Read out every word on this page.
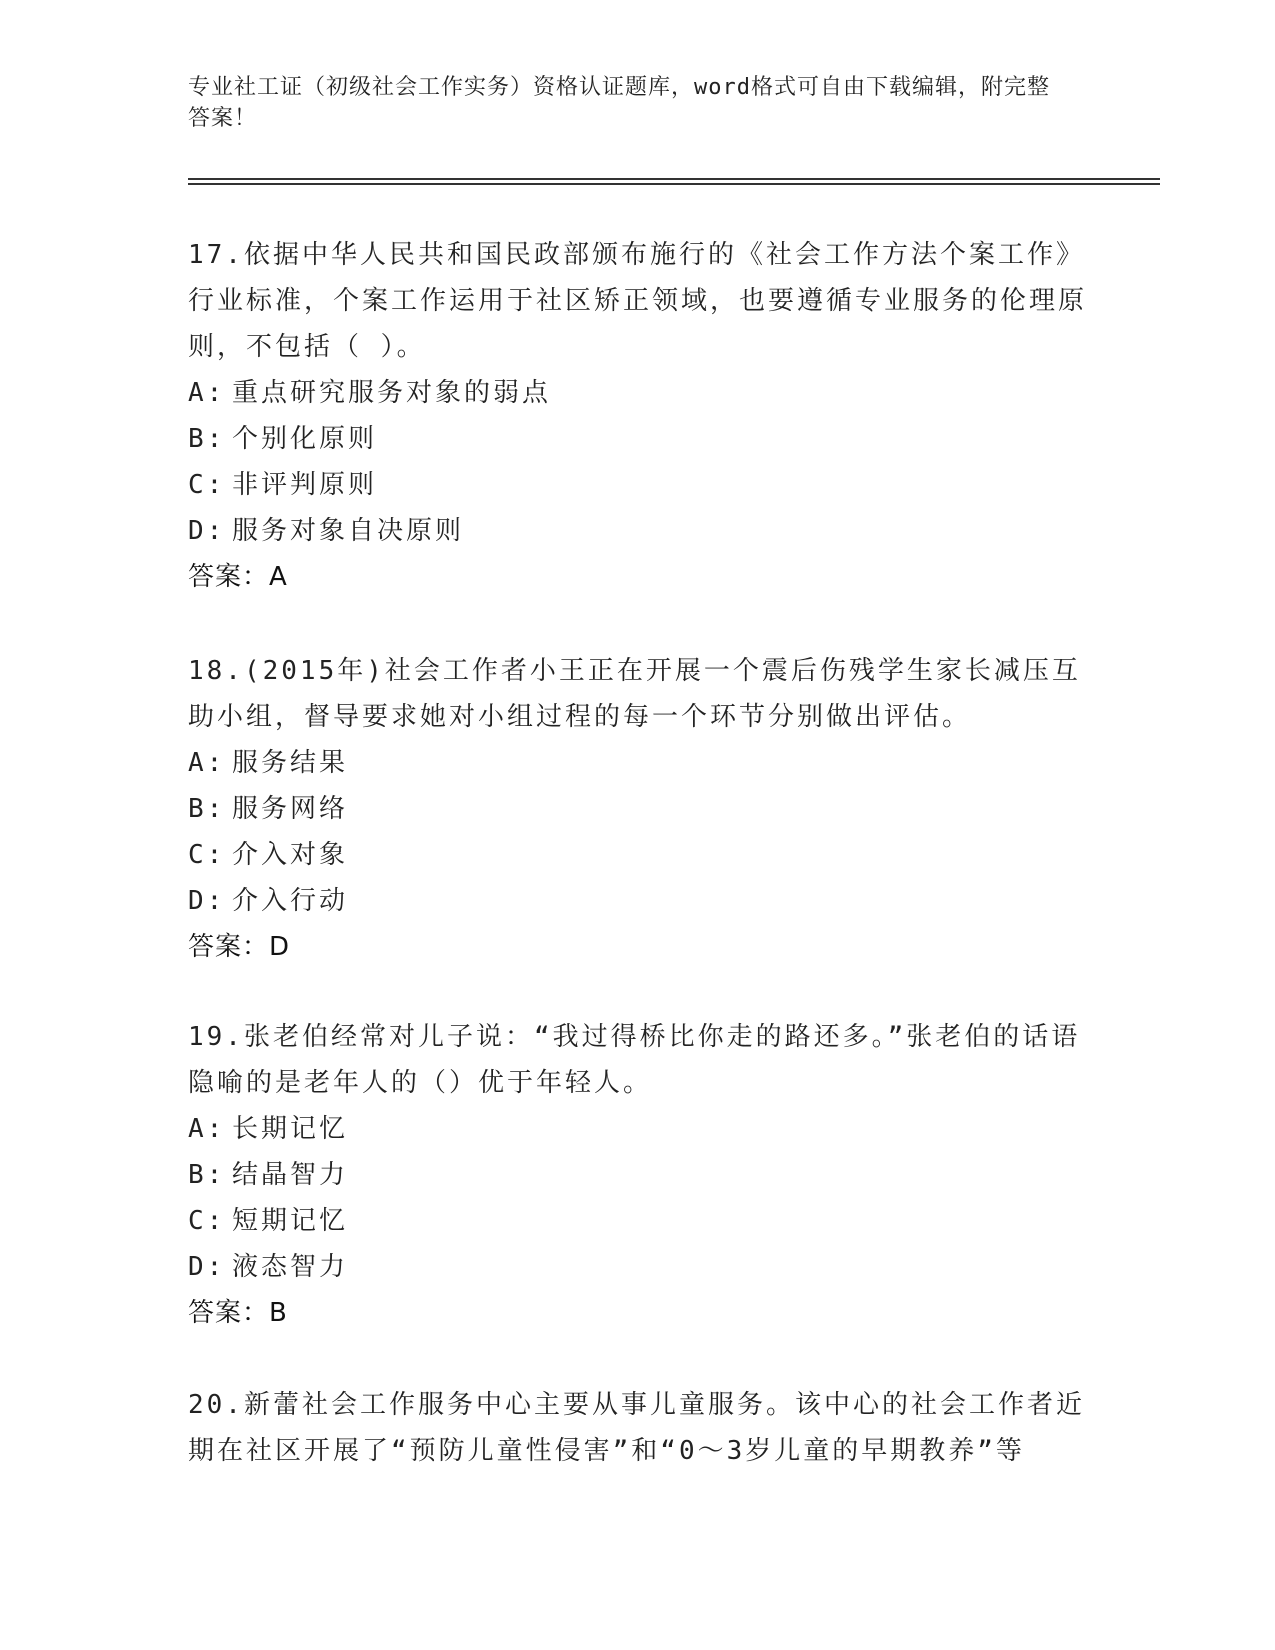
专业社工证（初级社会工作实务）资格认证题库，word格式可自由下载编辑，附完整答案！

17.依据中华人民共和国民政部颁布施行的《社会工作方法个案工作》行业标准，个案工作运用于社区矫正领域，也要遵循专业服务的伦理原则，不包括（ ）。

A: 重点研究服务对象的弱点

B: 个别化原则

C: 非评判原则

D: 服务对象自决原则

答案：A

18.(2015年)社会工作者小王正在开展一个震后伤残学生家长减压互助小组，督导要求她对小组过程的每一个环节分别做出评估。

A: 服务结果

B: 服务网络

C: 介入对象

D: 介入行动

答案：D

19.张老伯经常对儿子说：“我过得桥比你走的路还多。”张老伯的话语隐喻的是老年人的（）优于年轻人。

A: 长期记忆

B: 结晶智力

C: 短期记忆

D: 液态智力

答案：B

20.新蕾社会工作服务中心主要从事儿童服务。该中心的社会工作者近期在社区开展了“预防儿童性侵害”和“0～3岁儿童的早期教养”等
